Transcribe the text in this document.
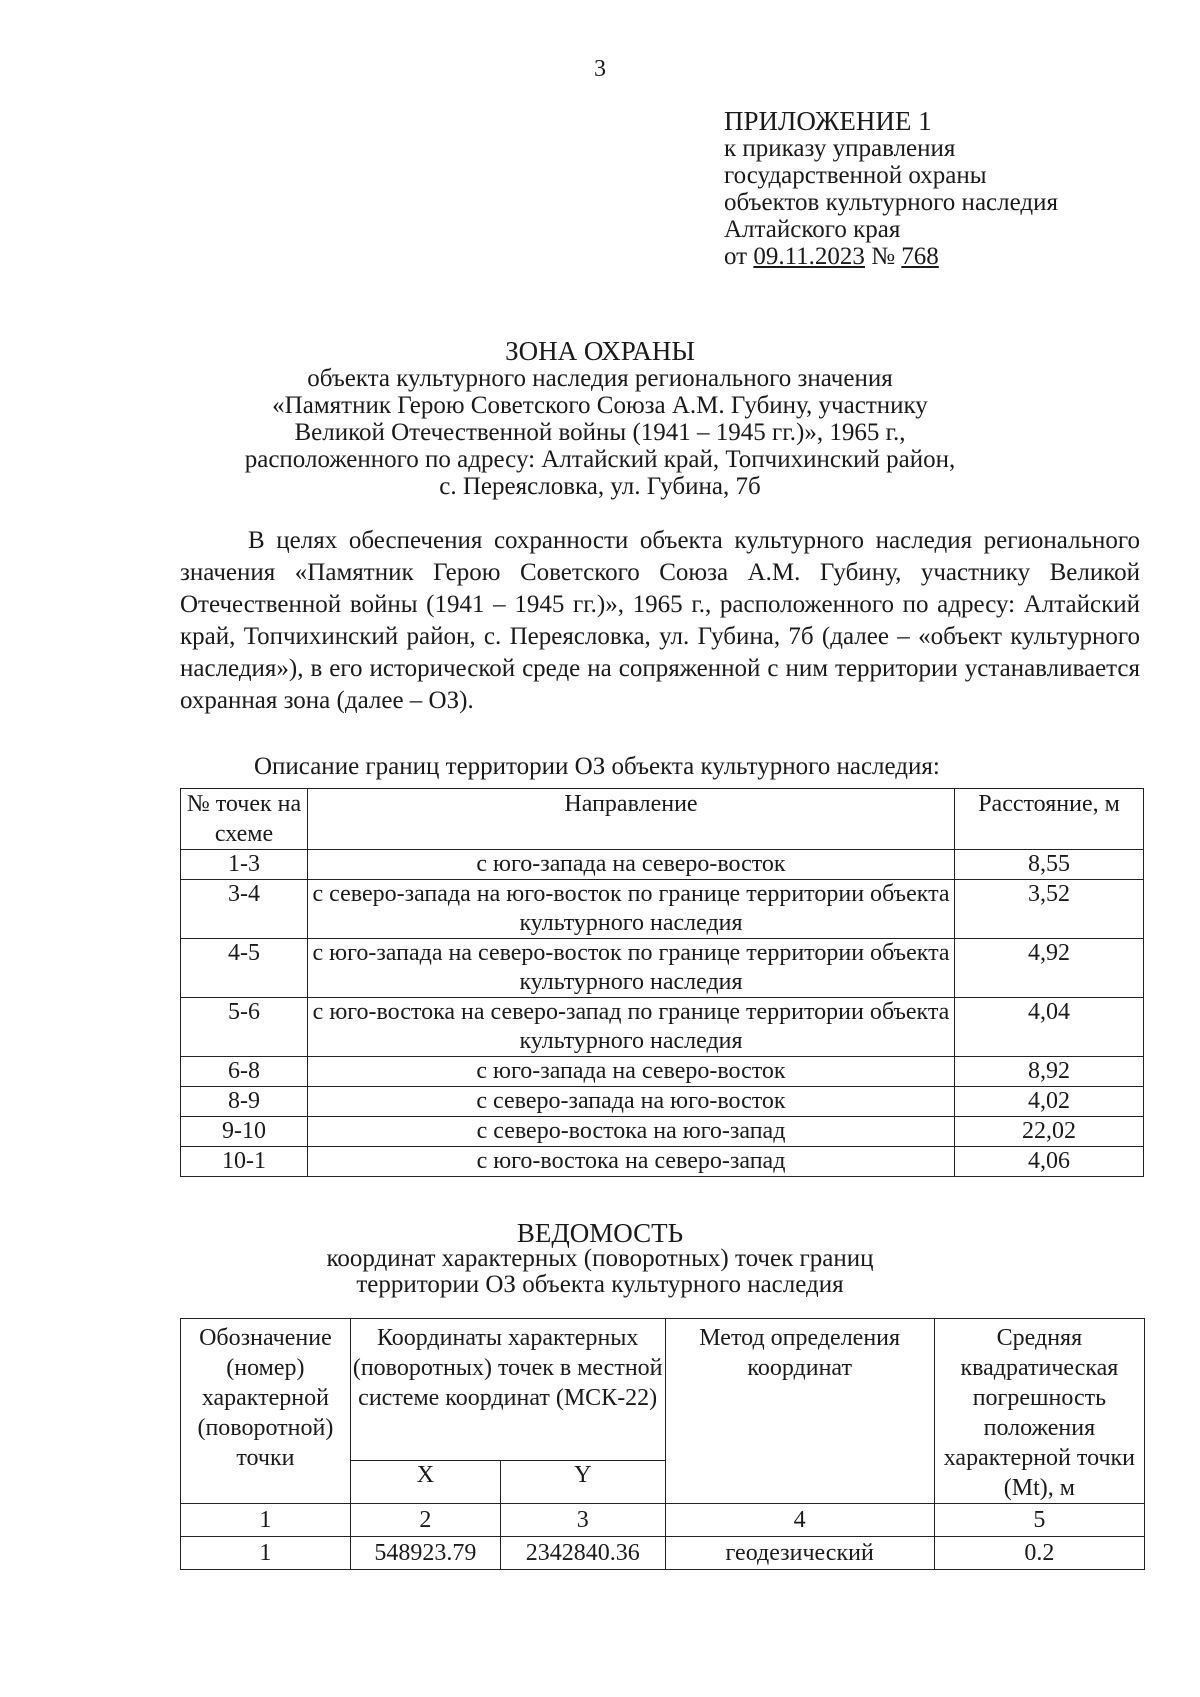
3
ПРИЛОЖЕНИЕ 1
к приказу управления
государственной охраны
объектов культурного наследия
Алтайского края
от 09.11.2023 № 768
ЗОНА ОХРАНЫ
объекта культурного наследия регионального значения
«Памятник Герою Советского Союза А.М. Губину, участнику
Великой Отечественной войны (1941 – 1945 гг.)», 1965 г.,
расположенного по адресу: Алтайский край, Топчихинский район,
с. Переясловка, ул. Губина, 7б

В целях обеспечения сохранности объекта культурного наследия регионального значения «Памятник Герою Советского Союза А.М. Губину, участнику Великой Отечественной войны (1941 – 1945 гг.)», 1965 г., расположенного по адресу: Алтайский край, Топчихинский район, с. Переясловка, ул. Губина, 7б (далее – «объект культурного наследия»), в его исторической среде на сопряженной с ним территории устанавливается охранная зона (далее – ОЗ).

Описание границ территории ОЗ объекта культурного наследия:
№ точек на схеме	Направление	Расстояние, м
1-3	с юго-запада на северо-восток	8,55
3-4	с северо-запада на юго-восток по границе территории объекта культурного наследия	3,52
4-5	с юго-запада на северо-восток по границе территории объекта культурного наследия	4,92
5-6	с юго-востока на северо-запад по границе территории объекта культурного наследия	4,04
6-8	с юго-запада на северо-восток	8,92
8-9	с северо-запада на юго-восток	4,02
9-10	с северо-востока на юго-запад	22,02
10-1	с юго-востока на северо-запад	4,06
ВЕДОМОСТЬ
координат характерных (поворотных) точек границ
территории ОЗ объекта культурного наследия
Обозначение (номер) характерной (поворотной) точки	Координаты характерных (поворотных) точек в местной системе координат (МСК-22)		Метод определения координат	Средняя квадратическая погрешность положения характерной точки (Mt), м
	X	Y		
1	2	3	4	5
1	548923.79	2342840.36	геодезический	0.2
